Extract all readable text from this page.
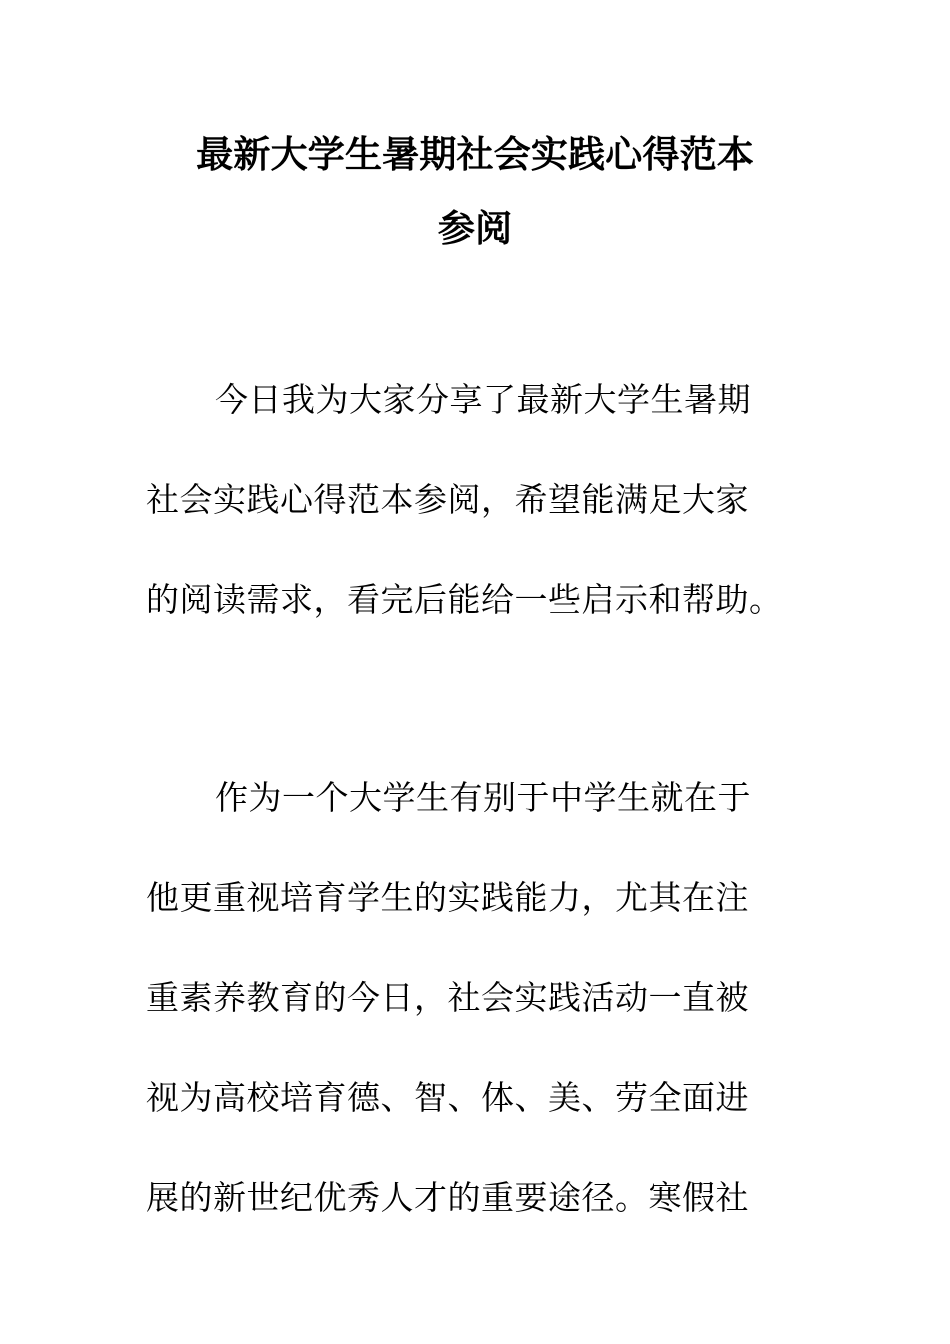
最新大学生暑期社会实践心得范本
参阅
今日我为大家分享了最新大学生暑期
社会实践心得范本参阅，希望能满足大家
的阅读需求，看完后能给一些启示和帮助。
作为一个大学生有别于中学生就在于
他更重视培育学生的实践能力，尤其在注
重素养教育的今日，社会实践活动一直被
视为高校培育德、智、体、美、劳全面进
展的新世纪优秀人才的重要途径。寒假社
